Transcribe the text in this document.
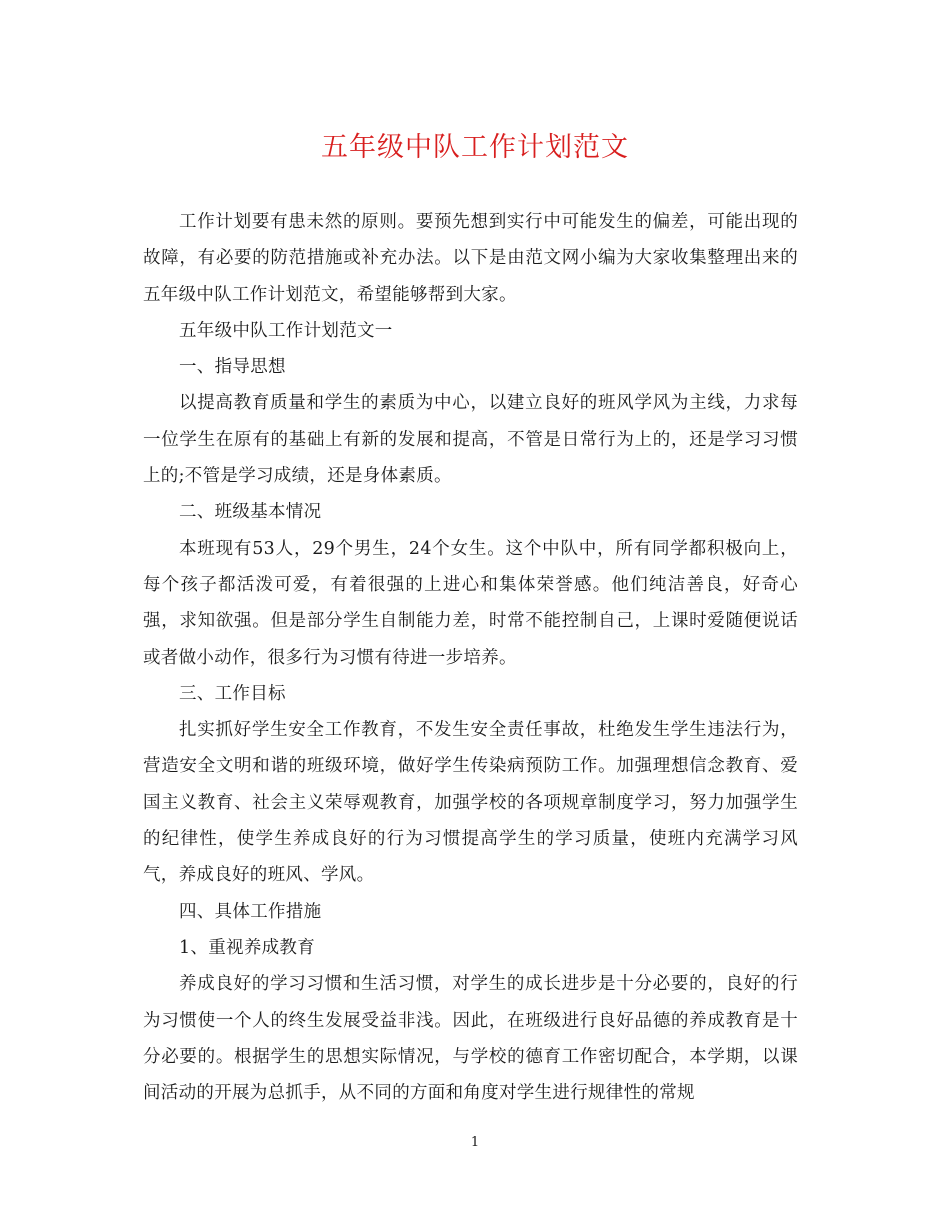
五年级中队工作计划范文

工作计划要有患未然的原则。要预先想到实行中可能发生的偏差，可能出现的故障，有必要的防范措施或补充办法。以下是由范文网小编为大家收集整理出来的五年级中队工作计划范文，希望能够帮到大家。

五年级中队工作计划范文一

一、指导思想

以提高教育质量和学生的素质为中心，以建立良好的班风学风为主线，力求每一位学生在原有的基础上有新的发展和提高，不管是日常行为上的，还是学习习惯上的;不管是学习成绩，还是身体素质。

二、班级基本情况

本班现有53人，29个男生，24个女生。这个中队中，所有同学都积极向上，每个孩子都活泼可爱，有着很强的上进心和集体荣誉感。他们纯洁善良，好奇心强，求知欲强。但是部分学生自制能力差，时常不能控制自己，上课时爱随便说话或者做小动作，很多行为习惯有待进一步培养。

三、工作目标

扎实抓好学生安全工作教育，不发生安全责任事故，杜绝发生学生违法行为，营造安全文明和谐的班级环境，做好学生传染病预防工作。加强理想信念教育、爱国主义教育、社会主义荣辱观教育，加强学校的各项规章制度学习，努力加强学生的纪律性，使学生养成良好的行为习惯提高学生的学习质量，使班内充满学习风气，养成良好的班风、学风。

四、具体工作措施

1、重视养成教育

养成良好的学习习惯和生活习惯，对学生的成长进步是十分必要的，良好的行为习惯使一个人的终生发展受益非浅。因此，在班级进行良好品德的养成教育是十分必要的。根据学生的思想实际情况，与学校的德育工作密切配合，本学期，以课间活动的开展为总抓手，从不同的方面和角度对学生进行规律性的常规

1
